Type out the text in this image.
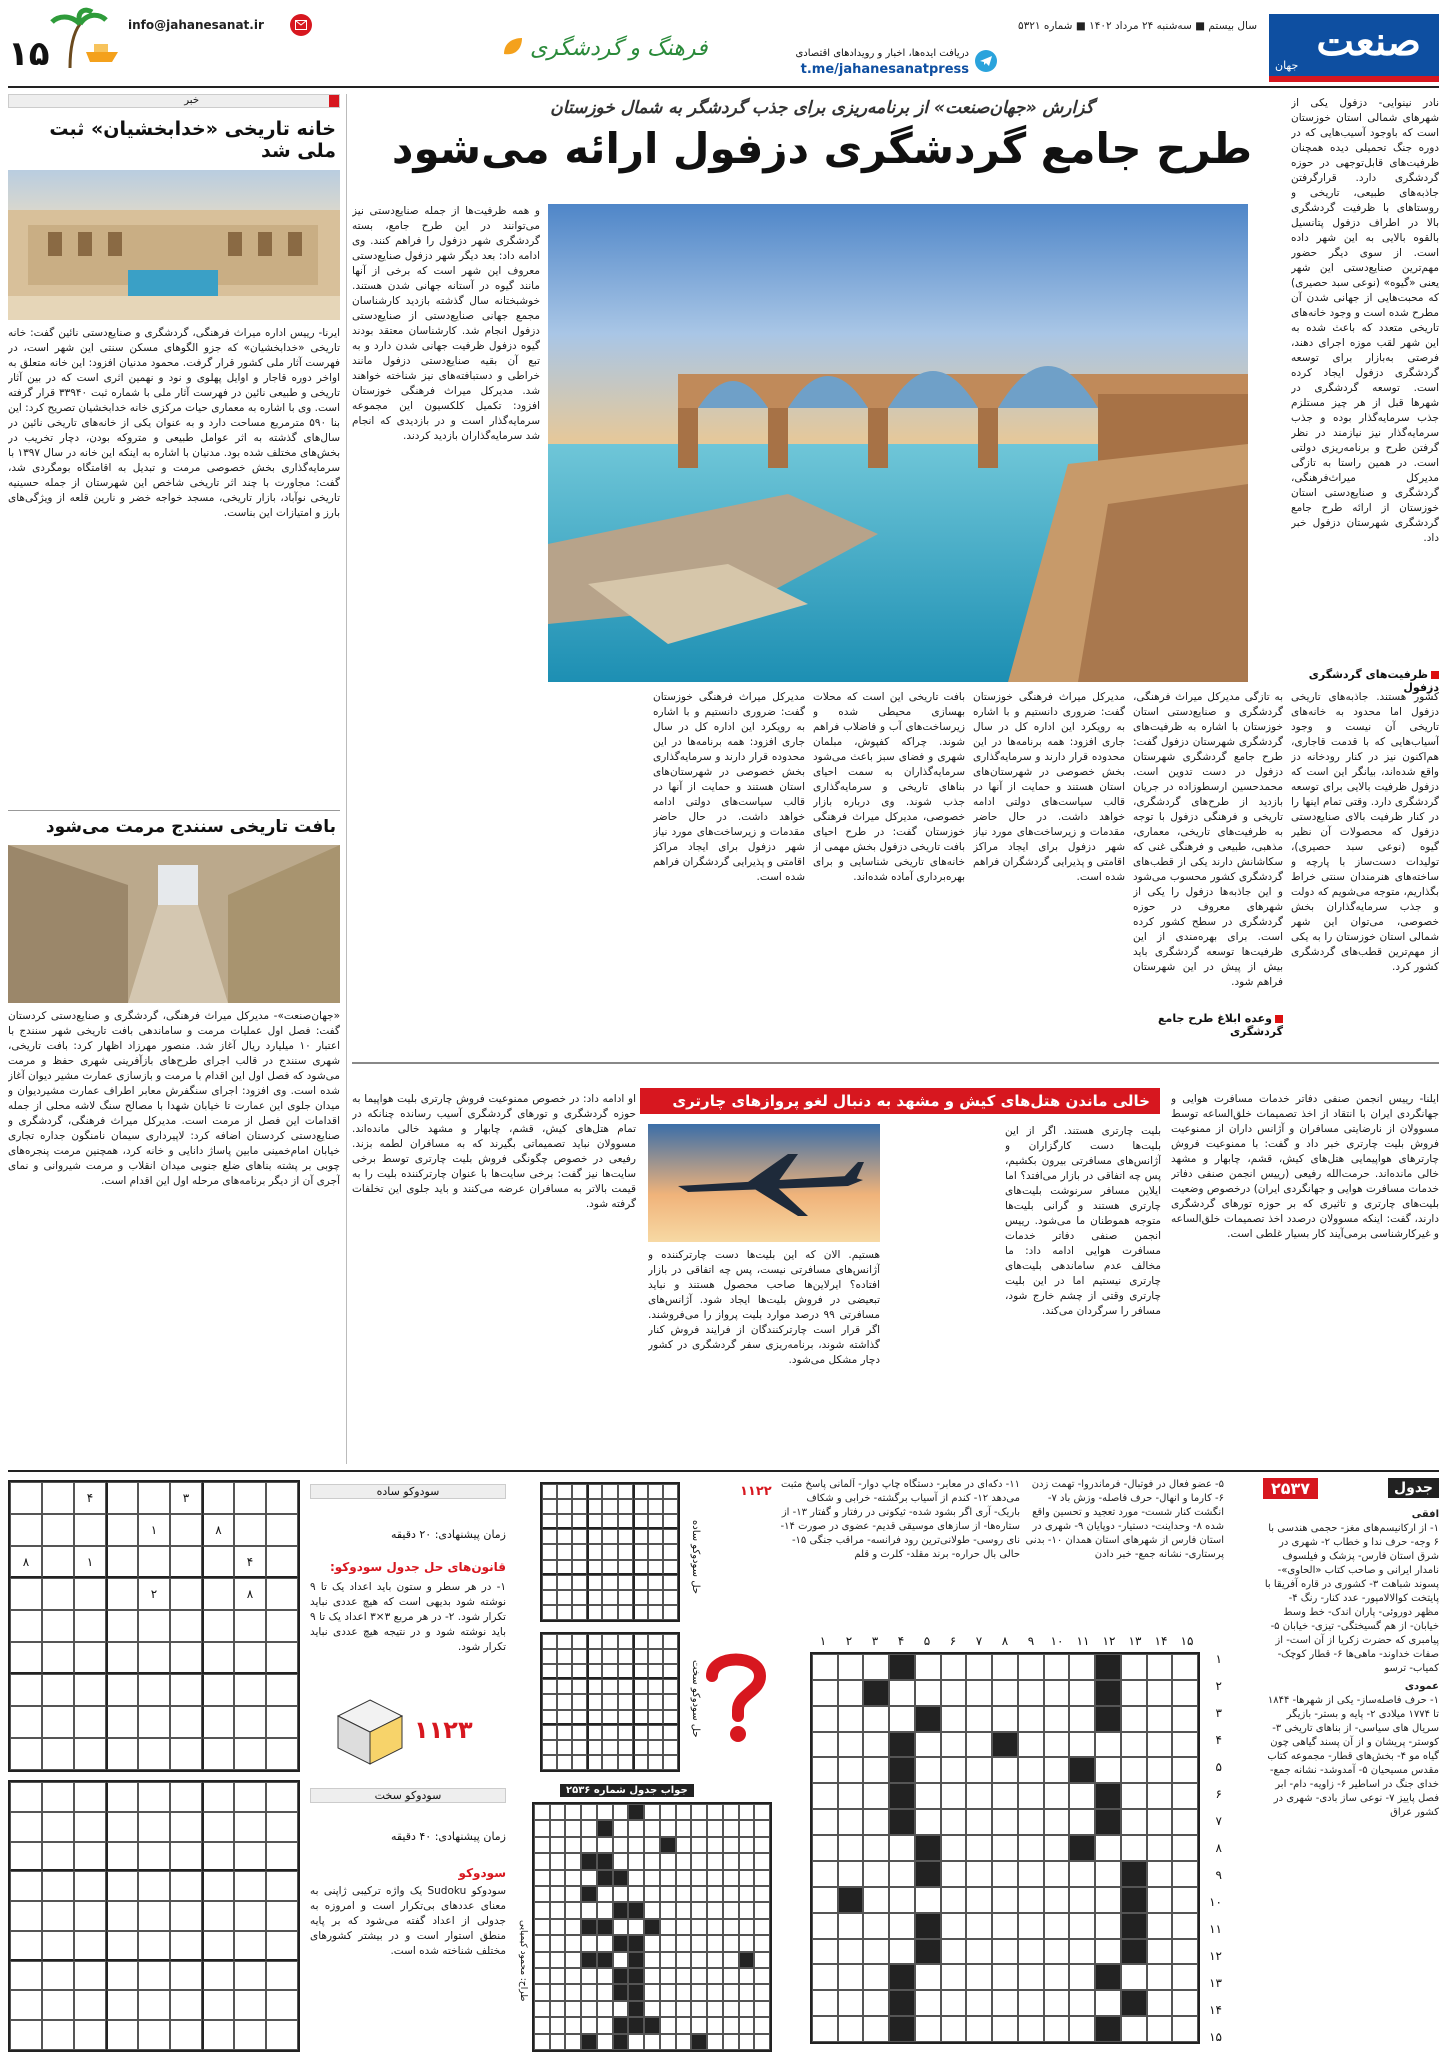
صنعت
جهان
سال بیستم ■ سه‌شنبه ۲۴ مرداد ۱۴۰۲ ■ شماره ۵۳۲۱
دریافت ایده‌ها، اخبار و رویدادهای اقتصادی
t.me/jahanesanatpress
فرهنگ و گردشگری
info@jahanesanat.ir
۱۵
خبر
خانه تاریخی «خدابخشیان» ثبت ملی شد
ایرنا- رییس اداره میراث فرهنگی، گردشگری و صنایع‌دستی نائین گفت: خانه تاریخی «خدابخشیان» که جزو الگوهای مسکن سنتی این شهر است، در فهرست آثار ملی کشور قرار گرفت. محمود مدنیان افزود: این خانه متعلق به اواخر دوره قاجار و اوایل پهلوی و نود و نهمین اثری است که در بین آثار تاریخی و طبیعی نائین در فهرست آثار ملی با شماره ثبت ۳۳۹۴۰ قرار گرفته است. وی با اشاره به معماری حیات مرکزی خانه خدابخشیان تصریح کرد: این بنا ۵۹۰ مترمربع مساحت دارد و به عنوان یکی از خانه‌های تاریخی نائین در سال‌های گذشته به اثر عوامل طبیعی و متروکه بودن، دچار تخریب در بخش‌های مختلف شده بود. مدنیان با اشاره به اینکه این خانه در سال ۱۳۹۷ با سرمایه‌گذاری بخش خصوصی مرمت و تبدیل به اقامتگاه بومگردی شد، گفت: مجاورت با چند اثر تاریخی شاخص این شهرستان از جمله حسینیه تاریخی نوآباد، بازار تاریخی، مسجد خواجه خضر و نارین قلعه از ویژگی‌های بارز و امتیازات این بناست.
بافت تاریخی سنندج مرمت می‌شود
«جهان‌صنعت»- مدیرکل میراث فرهنگی، گردشگری و صنایع‌دستی کردستان گفت: فصل اول عملیات مرمت و ساماندهی بافت تاریخی شهر سنندج با اعتبار ۱۰ میلیارد ریال آغاز شد. منصور مهرزاد اظهار کرد: بافت تاریخی، شهری سنندج در قالب اجرای طرح‌های بازآفرینی شهری حفظ و مرمت می‌شود که فصل اول این اقدام با مرمت و بازسازی عمارت مشیر دیوان آغاز شده است. وی افزود: اجرای سنگفرش معابر اطراف عمارت مشیردیوان و میدان جلوی این عمارت تا خیابان شهدا با مصالح سنگ لاشه‌ محلی از جمله اقدامات این فصل از مرمت است. مدیرکل میراث فرهنگی، گردشگری و صنایع‌دستی کردستان اضافه کرد: لاپیرداری سیمان نامنگون‌ جداره تجاری خیابان امام‌خمینی مابین پاساژ دانایی و خانه کرد، همچنین مرمت پنجره‌های چوبی بر پشته بناهای ضلع جنوبی میدان انقلاب و مرمت شیروانی و نمای آجری آن از دیگر برنامه‌های مرحله اول این اقدام است.
گزارش «جهان‌صنعت» از برنامه‌ریزی برای جذب گردشگر به شمال خوزستان
طرح جامع گردشگری دزفول ارائه می‌شود
نادر نینوایی- دزفول یکی از شهرهای شمالی استان خوزستان است که باوجود آسیب‌هایی که در دوره جنگ تحمیلی دیده همچنان ظرفیت‌های قابل‌توجهی در حوزه گردشگری دارد. قرارگرفتن جاذبه‌های طبیعی، تاریخی و روستاهای با ظرفیت گردشگری بالا در اطراف دزفول پتانسیل بالقوه بالایی به این شهر داده است. از سوی دیگر حضور مهم‌ترین صنایع‌دستی این شهر یعنی «گیوه» (نوعی سبد حصیری) که محبت‌هایی از جهانی شدن آن مطرح شده است و وجود خانه‌های تاریخی متعدد که باعث شده به این شهر لقب موزه اجرای دهند، فرصتی به‌بازار برای توسعه گردشگری دزفول ایجاد کرده است. توسعه گردشگری در شهرها قبل از هر چیز مستلزم جذب سرمایه‌گذار بوده و جذب سرمایه‌گذار نیز نیازمند در نظر گرفتن طرح و برنامه‌ریزی دولتی است. در همین راستا به تازگی مدیرکل میراث‌فرهنگی، گردشگری و صنایع‌دستی استان خوزستان از ارائه طرح جامع گردشگری شهرستان دزفول خبر داد.
ظرفیت‌های گردشگری دزفول
کشور هستند. جاذبه‌های تاریخی دزفول اما محدود به خانه‌های تاریخی آن نیست و وجود آسیاب‌هایی که با قدمت قاجاری، هم‌اکنون نیز در کنار رودخانه دز واقع شده‌اند، بیانگر این است که دزفول ظرفیت بالایی برای توسعه گردشگری دارد. وقتی تمام اینها را در کنار ظرفیت بالای صنایع‌دستی دزفول که محصولات آن نظیر گیوه (نوعی سبد حصیری)، تولیدات دست‌ساز با پارچه و ساخته‌های هنرمندان سنتی خراط بگذاریم، متوجه می‌شویم که دولت و جذب سرمایه‌گذاران بخش خصوصی، می‌توان این شهر شمالی استان خوزستان را به یکی از مهم‌ترین قطب‌های گردشگری کشور کرد.
وعده ابلاغ طرح جامع گردشگری
به تازگی مدیرکل میراث فرهنگی، گردشگری و صنایع‌دستی استان خوزستان با اشاره به ظرفیت‌های گردشگری شهرستان دزفول گفت: طرح جامع گردشگری شهرستان دزفول در دست تدوین است. محمدحسین ارسطوزاده در جریان بازدید از طرح‌های گردشگری، تاریخی و فرهنگی دزفول با توجه به ظرفیت‌های تاریخی، معماری، مذهبی، طبیعی و فرهنگی غنی که سکاشانش دارند یکی از قطب‌های گردشگری کشور محسوب می‌شود و این جاذبه‌ها دزفول را یکی از شهرهای معروف در حوزه گردشگری در سطح کشور کرده است. برای بهره‌مندی از این ظرفیت‌ها توسعه گردشگری باید بیش از پیش در این شهرستان فراهم شود.
مدیرکل میراث فرهنگی خوزستان گفت: ضروری دانستیم و با اشاره به رویکرد این اداره کل در سال جاری افزود: همه برنامه‌ها در این محدوده قرار دارند و سرمایه‌گذاری بخش خصوصی در شهرستان‌های استان هستند و حمایت از آنها در قالب سیاست‌های دولتی ادامه خواهد داشت. در حال حاضر مقدمات و زیرساخت‌های مورد نیاز شهر دزفول برای ایجاد مراکز اقامتی و پذیرایی گردشگران فراهم شده است.
بافت تاریخی این است که محلات بهسازی محیطی شده و زیرساخت‌های آب و فاضلاب فراهم شوند. چراکه کفپوش، مبلمان شهری و فضای سبز باعث می‌شود سرمایه‌گذاران به سمت احیای بناهای تاریخی و سرمایه‌گذاری جذب شوند. وی درباره بازار خصوصی، مدیرکل میراث فرهنگی خوزستان گفت: در طرح احیای بافت تاریخی دزفول بخش مهمی از خانه‌های تاریخی شناسایی و برای بهره‌برداری آماده شده‌اند.
مدیرکل میراث فرهنگی خوزستان گفت: ضروری دانستیم و با اشاره به رویکرد این اداره کل در سال جاری افزود: همه برنامه‌ها در این محدوده قرار دارند و سرمایه‌گذاری بخش خصوصی در شهرستان‌های استان هستند و حمایت از آنها در قالب سیاست‌های دولتی ادامه خواهد داشت. در حال حاضر مقدمات و زیرساخت‌های مورد نیاز شهر دزفول برای ایجاد مراکز اقامتی و پذیرایی گردشگران فراهم شده است.
و همه ظرفیت‌ها از جمله صنایع‌دستی نیز می‌توانند در این طرح جامع، بسته گردشگری شهر دزفول را فراهم کنند. وی ادامه داد: بعد دیگر شهر دزفول صنایع‌دستی معروف این شهر است که برخی از آنها مانند گیوه در آستانه جهانی شدن هستند. خوشبختانه سال گذشته بازدید کارشناسان مجمع جهانی صنایع‌دستی از صنایع‌دستی دزفول انجام شد. کارشناسان معتقد بودند گیوه دزفول ظرفیت جهانی شدن دارد و به تبع آن بقیه صنایع‌دستی دزفول مانند خراطی و دستبافته‌های نیز شناخته خواهند شد. مدیرکل میراث فرهنگی خوزستان افزود: تکمیل کلکسیون این مجموعه سرمایه‌گذار است و در بازدیدی که انجام شد سرمایه‌گذاران بازدید کردند.
خالی ماندن هتل‌های کیش و مشهد به دنبال لغو پروازهای چارتری ایلنا- رییس انجمن صنفی دفاتر خدمات مسافرت هوایی و جهانگردی ایران با انتقاد از اخذ تصمیمات خلق‌الساعه توسط مسوولان از نارضایتی مسافران و آژانس داران از ممنوعیت فروش بلیت چارتری خبر داد و گفت: با ممنوعیت فروش چارترهای هواپیمایی هتل‌های کیش، قشم، چابهار و مشهد خالی مانده‌اند. حرمت‌الله رفیعی (رییس انجمن صنفی دفاتر خدمات مسافرت هوایی و جهانگردی ایران) درخصوص وضعیت بلیت‌های چارتری و تاثیری که بر حوزه تورهای گردشگری دارند، گفت: اینکه مسوولان درصدد اخذ تصمیمات خلق‌الساعه و غیرکارشناسی برمی‌آیند کار بسیار غلطی است.
بلیت چارتری هستند. اگر از این بلیت‌ها دست کارگزاران و آژانس‌های مسافرتی بیرون بکشیم، پس چه اتفاقی در بازار می‌افتد؟ اما ایلاین مسافر سرنوشت بلیت‌های چارتری هستند و گرانی بلیت‌ها متوجه هموطنان ما می‌شود. رییس انجمن صنفی دفاتر خدمات مسافرت هوایی ادامه داد: ما مخالف عدم ساماندهی بلیت‌های چارتری نیستیم اما در این بلیت چارتری وقتی از چشم خارج شود، مسافر را سرگردان می‌کند.
هستیم. الان که این بلیت‌ها دست چارترکننده و آژانس‌های مسافرتی نیست، پس چه اتفاقی در بازار افتاده؟ ایرلاین‌ها صاحب محصول هستند و نباید تبعیضی در فروش بلیت‌ها ایجاد شود. آژانس‌های مسافرتی ۹۹ درصد موارد بلیت پرواز را می‌فروشند. اگر قرار است چارترکنندگان از فرایند فروش کنار گذاشته شوند، برنامه‌ریزی سفر گردشگری در کشور دچار مشکل می‌شود.
او ادامه داد: در خصوص ممنوعیت فروش چارتری بلیت هواپیما به حوزه گردشگری و تورهای گردشگری آسیب رسانده چنانکه در تمام هتل‌های کیش، قشم، چابهار و مشهد خالی مانده‌اند. مسوولان نباید تصمیماتی بگیرند که به مسافران لطمه بزند. رفیعی در خصوص چگونگی فروش بلیت چارتری توسط برخی سایت‌ها نیز گفت: برخی سایت‌ها با عنوان چارترکننده بلیت را به قیمت بالاتر به مسافران عرضه می‌کنند و باید جلوی این تخلفات گرفته شود.
جدول
۲۵۳۷
افقی
۱- از ارکانیسم‌های مغز- حجمی هندسی با ۶ وجه- حرف ندا و خطاب ۲- شهری در شرق استان فارس- پزشک و فیلسوف نامدار ایرانی و صاحب کتاب «الحاوی»- پسوند شباهت ۳- کشوری در قاره آفریقا با پایتخت کوالالامپور- عدد کنار- رنگ ۴- مظهر دوروئی- پاران اندک- خط وسط خیابان- از هم گسیختگی- تیزی- خیابان ۵- پیامبری که حضرت زکریا از آن است- از صفات خداوند- ماهی‌ها ۶- قطار کوچک- کمیاب- ترسو
عمودی
۱- حرف فاصله‌ساز- یکی از شهرها- ۱۸۴۴ تا ۱۷۷۴ میلادی ۲- پایه و بستر- بازیگر سریال های سیاسی- از بناهای تاریخی ۳- کوستر- پریشان و از آن پسند گیاهی چون گیاه مو ۴- بخش‌های قطار- مجموعه کتاب مقدس مسیحیان ۵- آمدوشد- نشانه جمع- خدای جنگ در اساطیر ۶- زاویه- دام- ابر فصل پاییز ۷- نوعی ساز بادی- شهری در کشور عراق
۱۱- دکه‌ای در معابر- دستگاه چاپ دوار- آلمانی پاسخ مثبت می‌دهد ۱۲- کندم از آسیاب برگشته- خرابی و شکاف باریک- آری اگر بشود شده- ثیکونی در رفتار و گفتار ۱۳- از ستاره‌ها- از سازهای موسیقی قدیم- عضوی در صورت ۱۴- نای روسی- طولانی‌ترین رود فرانسه- مراقب جنگی ۱۵- حالی بال حراره- برند مقلد- کلرت و قلم
۵- عضو فعال در فوتبال- فرماندروا- تهمت زدن ۶- کارما و انهال- حرف فاصله- وزش باد ۷- انگشت کنار شست- مورد تعجید و تحسین واقع شده ۸- وحداینت- دستیار- دوپایان ۹- شهری در استان فارس از شهرهای استان همدان ۱۰- بدنی پرستاری- نشانه جمع- خبر دادن
۱۵
۱۴
۱۳
۱۲
۱۱
۱۰
۹
۸
۷
۶
۵
۴
۳
۲
۱
۱
۲
۳
۴
۵
۶
۷
۸
۹
۱۰
۱۱
۱۲
۱۳
۱۴
۱۵
۱۱۲۲
حل سودوکو ساده
حل سودوکو سخت
جواب جدول شماره ۲۵۳۶
طراح: محمود کیمیایی
۳
۴
۸
۱
۴
۱
۸
۸
۲
سودوکو ساده
زمان پیشنهادی: ۲۰ دقیقه
قانون‌های حل جدول سودوکو:
۱- در هر سطر و ستون باید اعداد یک تا ۹ نوشته شود بدیهی است که هیچ عددی نباید تکرار شود. ۲- در هر مربع ۳×۳ اعداد یک تا ۹ باید نوشته شود و در نتیجه هیچ عددی نباید تکرار شود.
۱۱۲۳
سودوکو سخت
زمان پیشنهادی: ۴۰ دقیقه
سودوکو
سودوکو Sudoku یک واژه ترکیبی ژاپنی به معنای عددهای بی‌تکرار است و امروزه به جدولی از اعداد گفته می‌شود که بر پایه منطق استوار است و در بیشتر کشورهای مختلف شناخته شده است.
